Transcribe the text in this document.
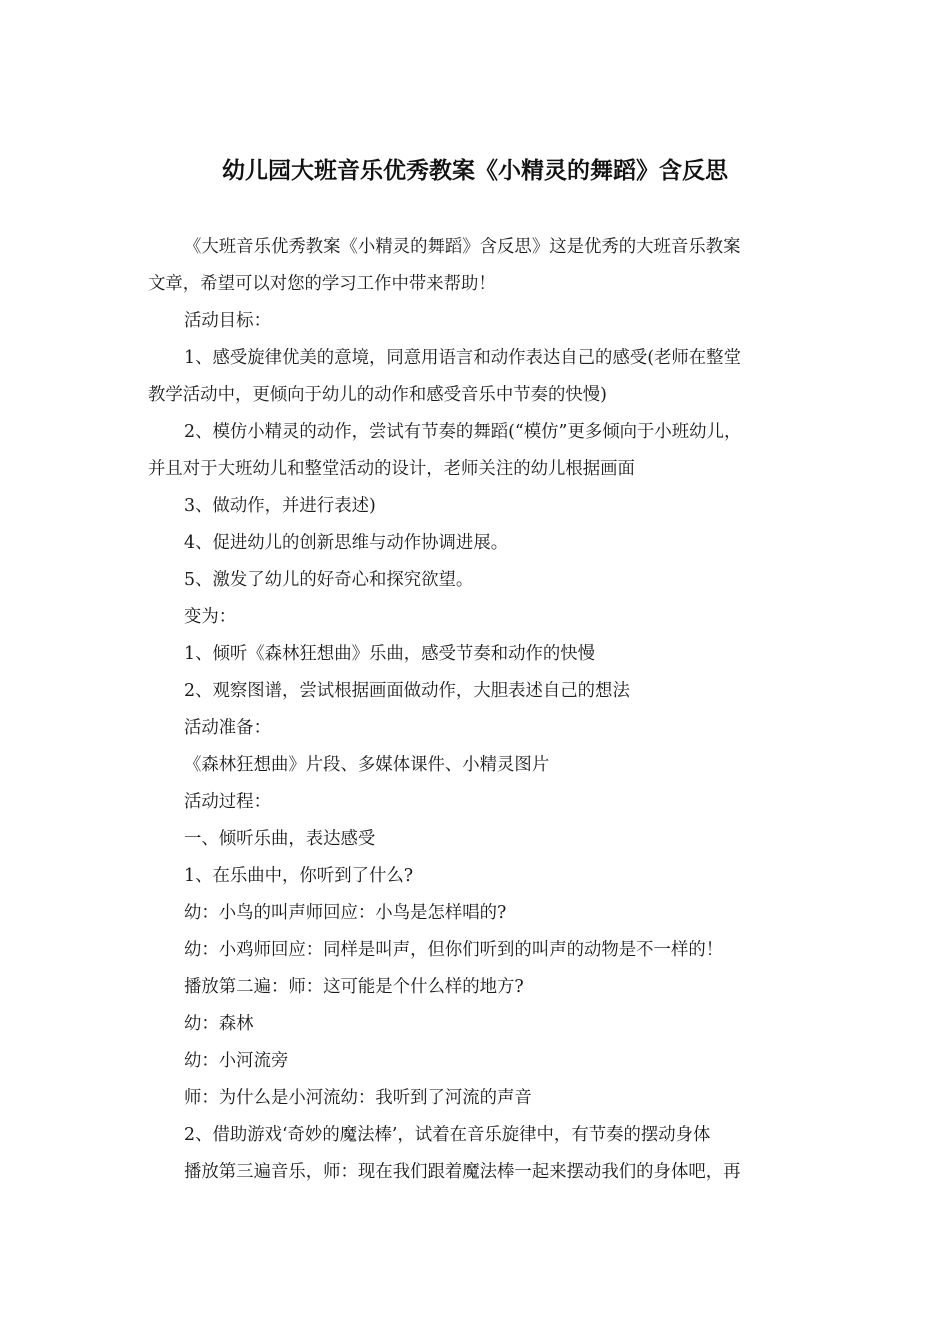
幼儿园大班音乐优秀教案《小精灵的舞蹈》含反思
《大班音乐优秀教案《小精灵的舞蹈》含反思》这是优秀的大班音乐教案
文章，希望可以对您的学习工作中带来帮助！
活动目标：
1、感受旋律优美的意境，同意用语言和动作表达自己的感受(老师在整堂
教学活动中，更倾向于幼儿的动作和感受音乐中节奏的快慢)
2、模仿小精灵的动作，尝试有节奏的舞蹈(“模仿”更多倾向于小班幼儿，
并且对于大班幼儿和整堂活动的设计，老师关注的幼儿根据画面
3、做动作，并进行表述)
4、促进幼儿的创新思维与动作协调进展。
5、激发了幼儿的好奇心和探究欲望。
变为：
1、倾听《森林狂想曲》乐曲，感受节奏和动作的快慢
2、观察图谱，尝试根据画面做动作，大胆表述自己的想法
活动准备：
《森林狂想曲》片段、多媒体课件、小精灵图片
活动过程：
一、倾听乐曲，表达感受
1、在乐曲中，你听到了什么?
幼：小鸟的叫声师回应：小鸟是怎样唱的?
幼：小鸡师回应：同样是叫声，但你们听到的叫声的动物是不一样的！
播放第二遍：师：这可能是个什么样的地方?
幼：森林
幼：小河流旁
师：为什么是小河流幼：我听到了河流的声音
2、借助游戏‘奇妙的魔法棒’，试着在音乐旋律中，有节奏的摆动身体
播放第三遍音乐，师：现在我们跟着魔法棒一起来摆动我们的身体吧，再
